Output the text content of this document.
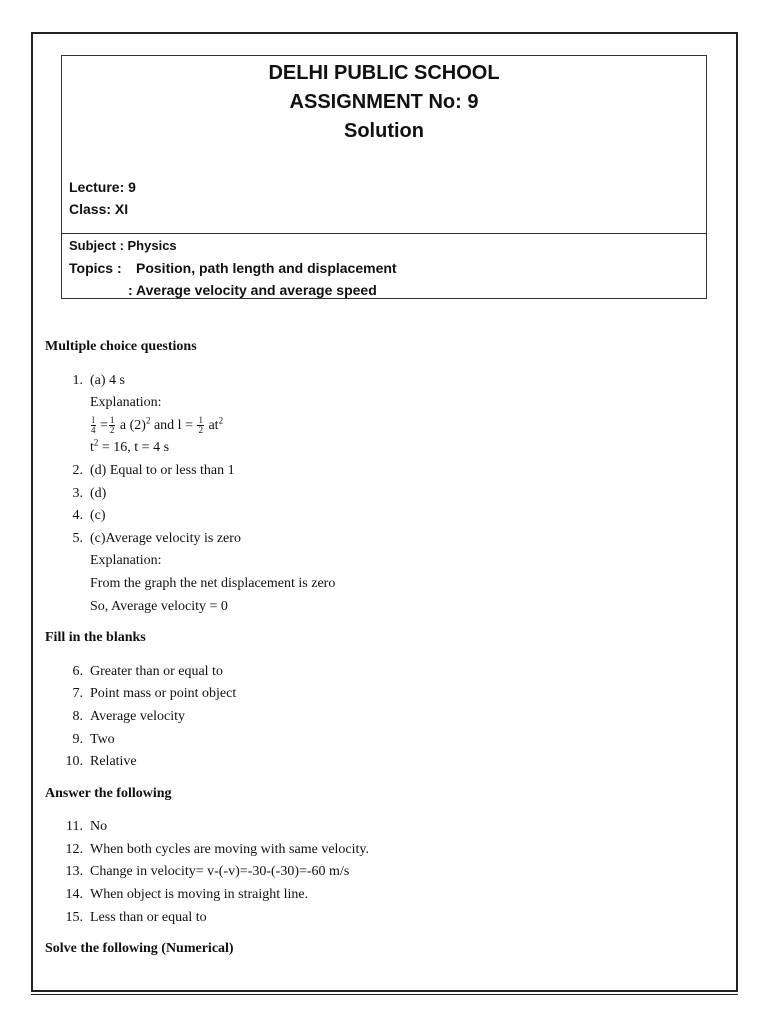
DELHI PUBLIC SCHOOL
ASSIGNMENT No: 9
Solution
Lecture: 9
Class: XI
Subject : Physics
Topics : Position, path length and displacement
: Average velocity and average speed

Multiple choice questions

1. (a) 4 s
Explanation:
$\frac{l}{4} = \frac{1}{2}$ a $(2)^2$ and $l = \frac{1}{2} at^2$
$t^2 = 16$, t = 4 s
2. (d) Equal to or less than 1
3. (d)
4. (c)
5. (c)Average velocity is zero
Explanation:
From the graph the net displacement is zero
So, Average velocity = 0

Fill in the blanks

6. Greater than or equal to
7. Point mass or point object
8. Average velocity
9. Two
10. Relative

Answer the following

11. No
12. When both cycles are moving with same velocity.
13. Change in velocity= v-(-v)=-30-(-30)=-60 m/s
14. When object is moving in straight line.
15. Less than or equal to

Solve the following (Numerical)
